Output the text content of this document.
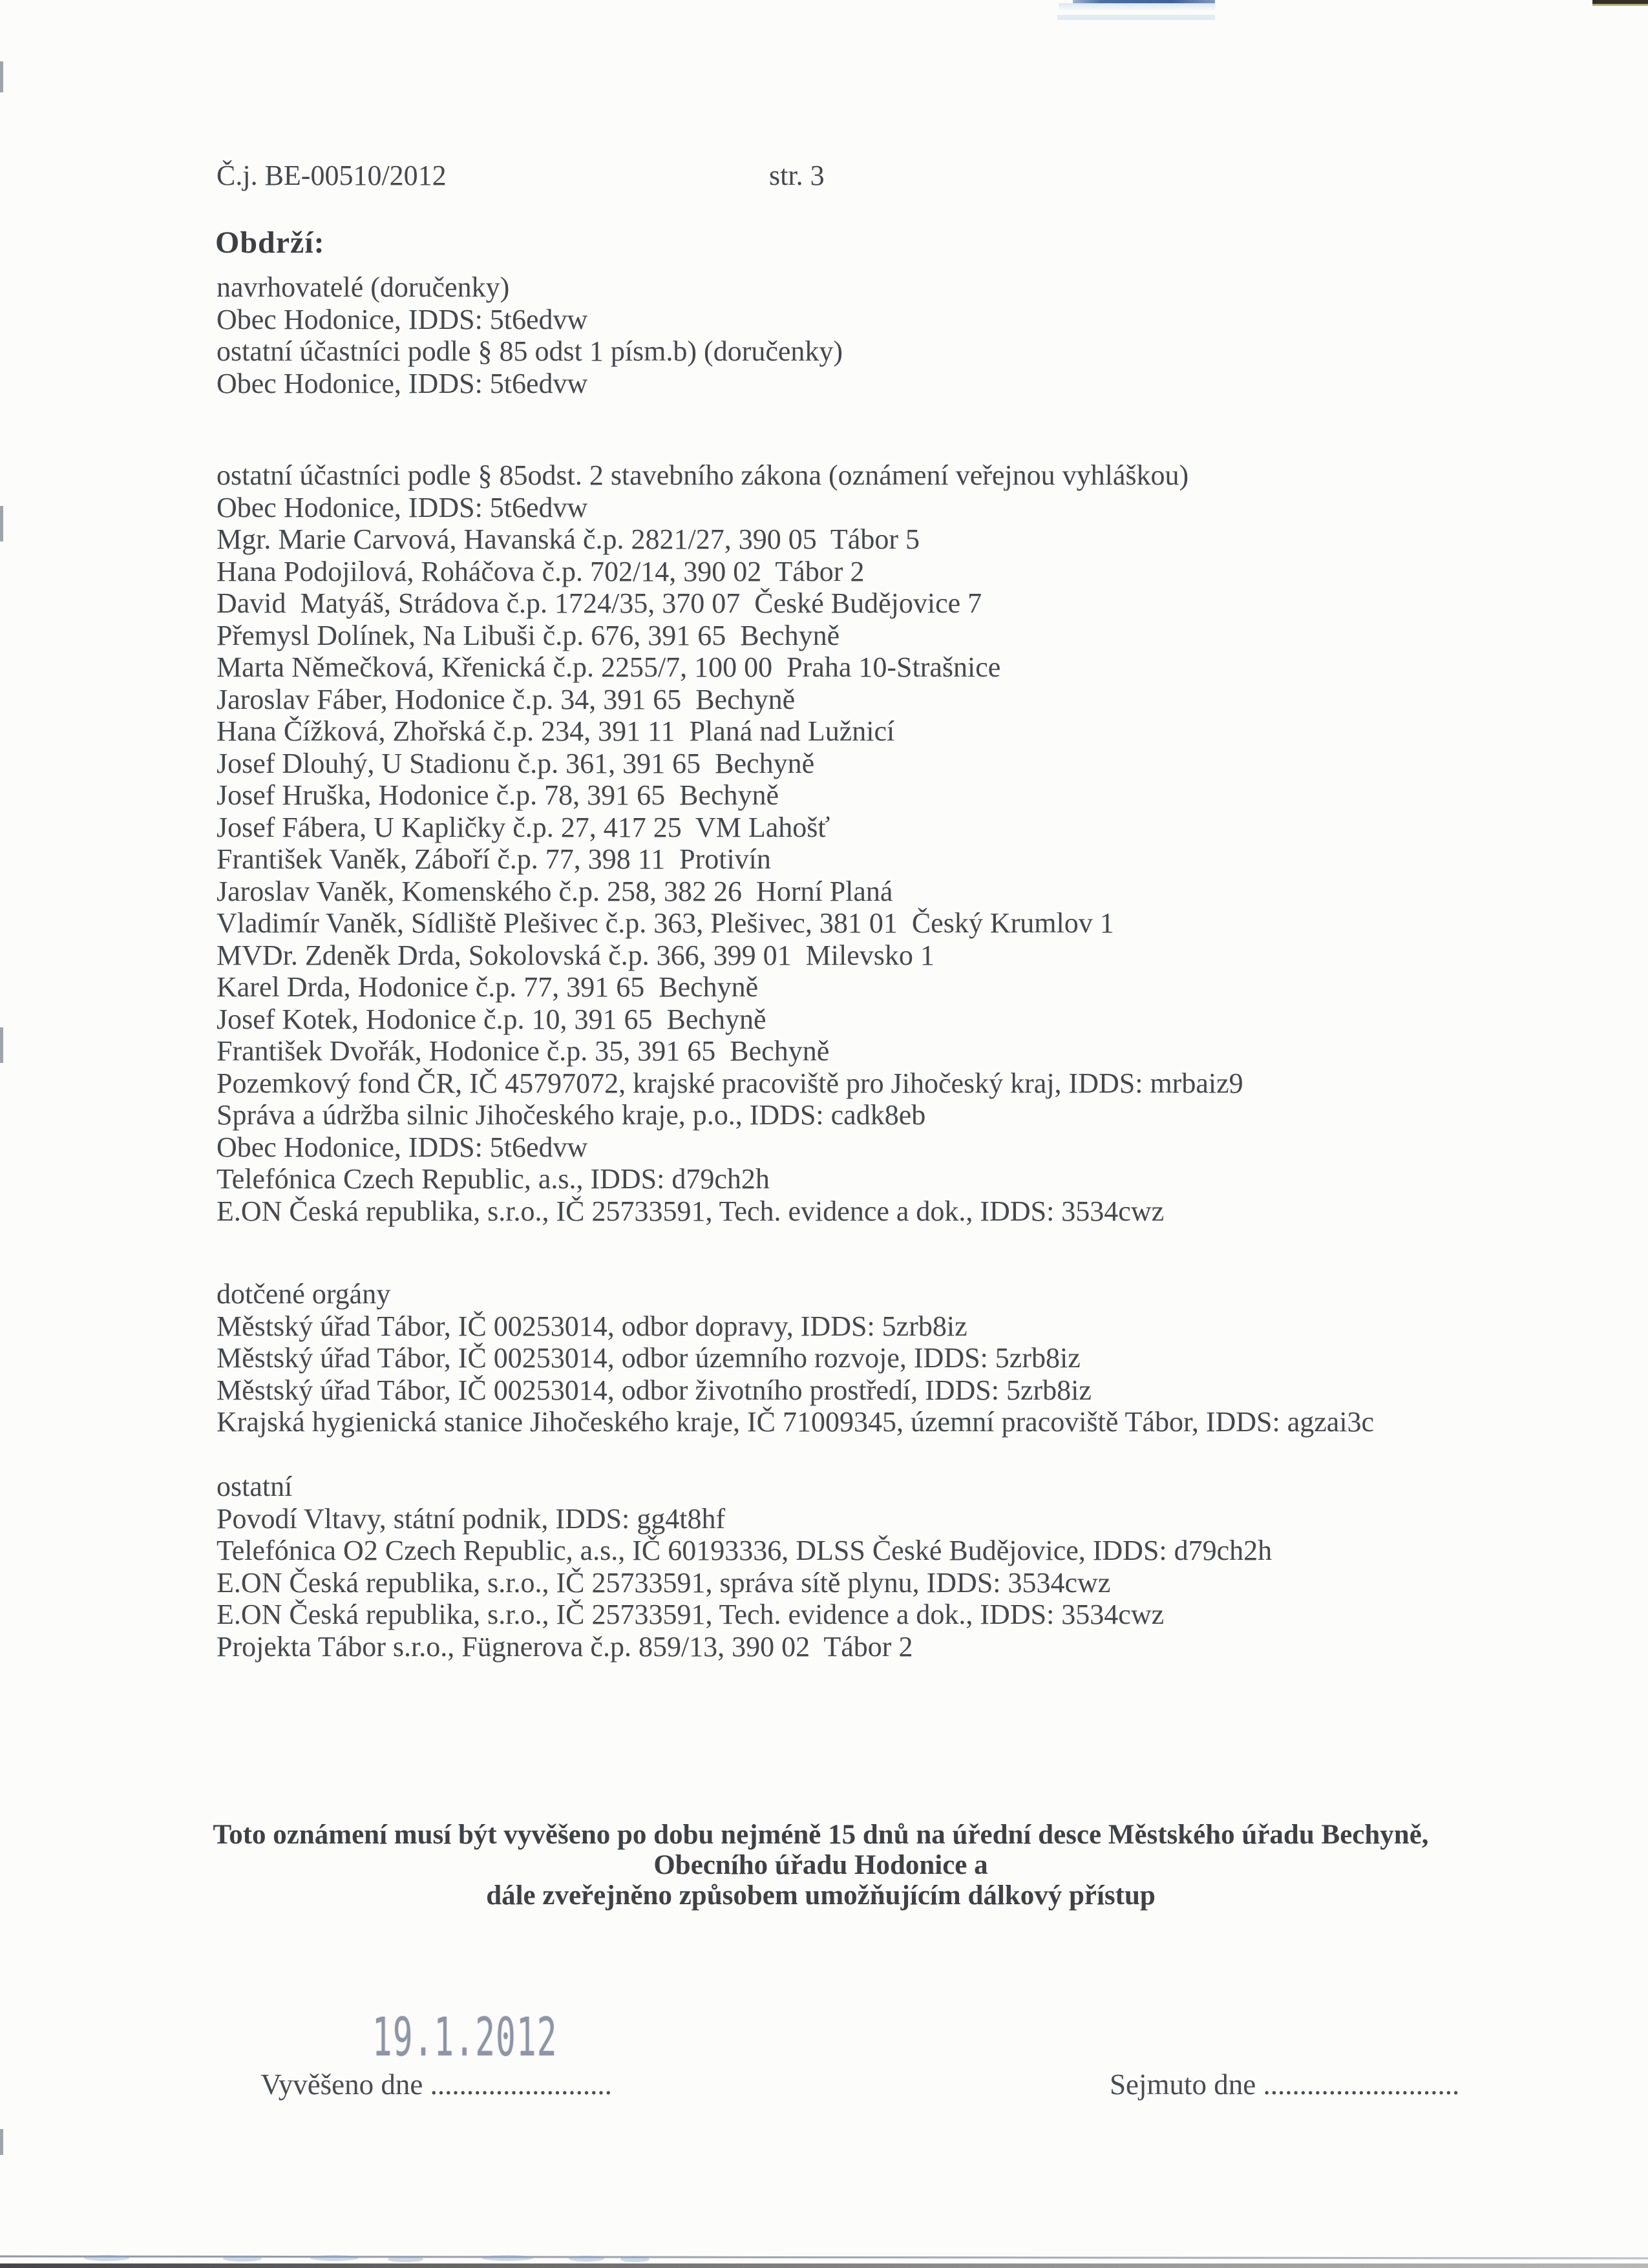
Č.j. BE-00510/2012	str. 3
Obdrží:
navrhovatelé (doručenky)
Obec Hodonice, IDDS: 5t6edvw
ostatní účastníci podle § 85 odst 1 písm.b) (doručenky)
Obec Hodonice, IDDS: 5t6edvw
ostatní účastníci podle § 85odst. 2 stavebního zákona (oznámení veřejnou vyhláškou)
Obec Hodonice, IDDS: 5t6edvw
Mgr. Marie Carvová, Havanská č.p. 2821/27, 390 05  Tábor 5
Hana Podojilová, Roháčova č.p. 702/14, 390 02  Tábor 2
David  Matyáš, Strádova č.p. 1724/35, 370 07  České Budějovice 7
Přemysl Dolínek, Na Libuši č.p. 676, 391 65  Bechyně
Marta Němečková, Křenická č.p. 2255/7, 100 00  Praha 10-Strašnice
Jaroslav Fáber, Hodonice č.p. 34, 391 65  Bechyně
Hana Čížková, Zhořská č.p. 234, 391 11  Planá nad Lužnicí
Josef Dlouhý, U Stadionu č.p. 361, 391 65  Bechyně
Josef Hruška, Hodonice č.p. 78, 391 65  Bechyně
Josef Fábera, U Kapličky č.p. 27, 417 25  VM Lahošť
František Vaněk, Záboří č.p. 77, 398 11  Protivín
Jaroslav Vaněk, Komenského č.p. 258, 382 26  Horní Planá
Vladimír Vaněk, Sídliště Plešivec č.p. 363, Plešivec, 381 01  Český Krumlov 1
MVDr. Zdeněk Drda, Sokolovská č.p. 366, 399 01  Milevsko 1
Karel Drda, Hodonice č.p. 77, 391 65  Bechyně
Josef Kotek, Hodonice č.p. 10, 391 65  Bechyně
František Dvořák, Hodonice č.p. 35, 391 65  Bechyně
Pozemkový fond ČR, IČ 45797072, krajské pracoviště pro Jihočeský kraj, IDDS: mrbaiz9
Správa a údržba silnic Jihočeského kraje, p.o., IDDS: cadk8eb
Obec Hodonice, IDDS: 5t6edvw
Telefónica Czech Republic, a.s., IDDS: d79ch2h
E.ON Česká republika, s.r.o., IČ 25733591, Tech. evidence a dok., IDDS: 3534cwz
dotčené orgány
Městský úřad Tábor, IČ 00253014, odbor dopravy, IDDS: 5zrb8iz
Městský úřad Tábor, IČ 00253014, odbor územního rozvoje, IDDS: 5zrb8iz
Městský úřad Tábor, IČ 00253014, odbor životního prostředí, IDDS: 5zrb8iz
Krajská hygienická stanice Jihočeského kraje, IČ 71009345, územní pracoviště Tábor, IDDS: agzai3c
ostatní
Povodí Vltavy, státní podnik, IDDS: gg4t8hf
Telefónica O2 Czech Republic, a.s., IČ 60193336, DLSS České Budějovice, IDDS: d79ch2h
E.ON Česká republika, s.r.o., IČ 25733591, správa sítě plynu, IDDS: 3534cwz
E.ON Česká republika, s.r.o., IČ 25733591, Tech. evidence a dok., IDDS: 3534cwz
Projekta Tábor s.r.o., Fügnerova č.p. 859/13, 390 02  Tábor 2
Toto oznámení musí být vyvěšeno po dobu nejméně 15 dnů na úřední desce Městského úřadu Bechyně,
Obecního úřadu Hodonice a
dále zveřejněno způsobem umožňujícím dálkový přístup

Vyvěšeno dne .........................

19.1.2012

Sejmuto dne ...........................
